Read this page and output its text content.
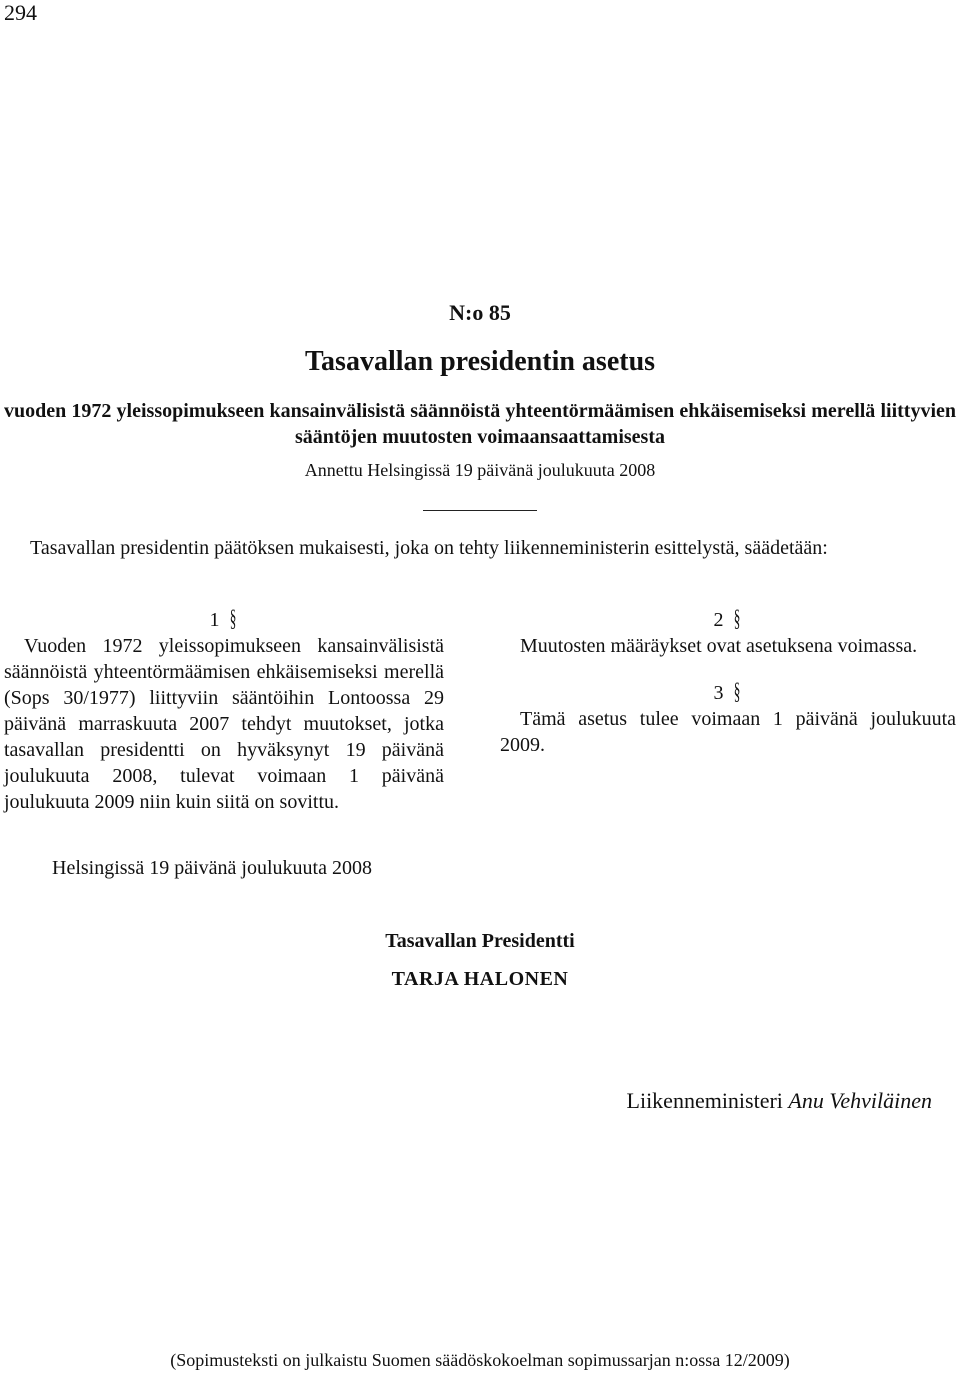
294
N:o 85
Tasavallan presidentin asetus
vuoden 1972 yleissopimukseen kansainvälisistä säännöistä yhteentörmäämisen ehkäisemiseksi merellä liittyvien sääntöjen muutosten voimaansaattamisesta
Annettu Helsingissä 19 päivänä joulukuuta 2008
Tasavallan presidentin päätöksen mukaisesti, joka on tehty liikenneministerin esittelystä, säädetään:

1 §

Vuoden 1972 yleissopimukseen kansainvälisistä säännöistä yhteentörmäämisen ehkäisemiseksi merellä (Sops 30/1977) liittyviin sääntöihin Lontoossa 29 päivänä marraskuuta 2007 tehdyt muutokset, jotka tasavallan presidentti on hyväksynyt 19 päivänä joulukuuta 2008, tulevat voimaan 1 päivänä joulukuuta 2009 niin kuin siitä on sovittu.

2 §

Muutosten määräykset ovat asetuksena voimassa.

3 §

Tämä asetus tulee voimaan 1 päivänä joulukuuta 2009.

Helsingissä 19 päivänä joulukuuta 2008
Tasavallan Presidentti
TARJA HALONEN
Liikenneministeri Anu Vehviläinen
(Sopimusteksti on julkaistu Suomen säädöskokoelman sopimussarjan n:ossa 12/2009)
